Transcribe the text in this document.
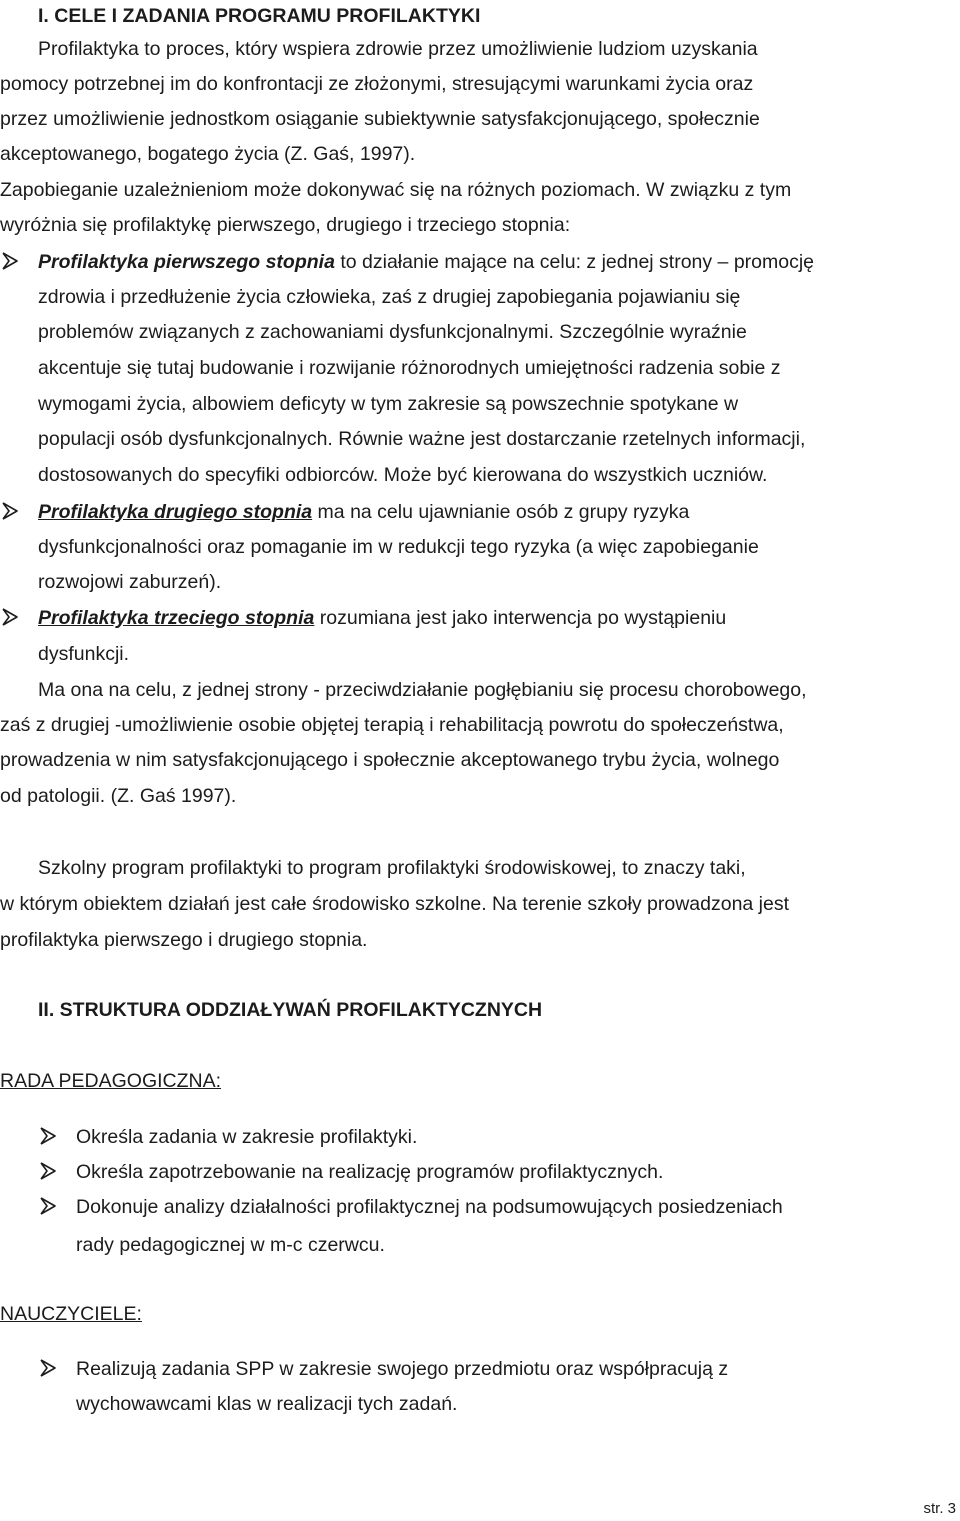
I. CELE I ZADANIA PROGRAMU PROFILAKTYKI
Profilaktyka to proces, który wspiera zdrowie przez umożliwienie ludziom uzyskania
pomocy potrzebnej im do konfrontacji ze złożonymi, stresującymi warunkami życia oraz
przez umożliwienie jednostkom osiąganie subiektywnie satysfakcjonującego, społecznie
akceptowanego, bogatego życia (Z. Gaś, 1997).
Zapobieganie uzależnieniom może dokonywać się na różnych poziomach. W związku z tym
wyróżnia się profilaktykę pierwszego, drugiego i trzeciego stopnia:
Profilaktyka pierwszego stopnia to działanie mające na celu: z jednej strony – promocję
zdrowia i przedłużenie życia człowieka, zaś z drugiej zapobiegania pojawianiu się
problemów związanych z zachowaniami dysfunkcjonalnymi. Szczególnie wyraźnie
akcentuje się tutaj budowanie i rozwijanie różnorodnych umiejętności radzenia sobie z
wymogami życia, albowiem deficyty w tym zakresie są powszechnie spotykane w
populacji osób dysfunkcjonalnych. Równie ważne jest dostarczanie rzetelnych informacji,
dostosowanych do specyfiki odbiorców. Może być kierowana do wszystkich uczniów.
Profilaktyka drugiego stopnia ma na celu ujawnianie osób z grupy ryzyka
dysfunkcjonalności oraz pomaganie im w redukcji tego ryzyka (a więc zapobieganie
rozwojowi zaburzeń).
Profilaktyka trzeciego stopnia rozumiana jest jako interwencja po wystąpieniu
dysfunkcji.
Ma ona na celu, z jednej strony - przeciwdziałanie pogłębianiu się procesu chorobowego,
zaś z drugiej -umożliwienie osobie objętej terapią i rehabilitacją powrotu do społeczeństwa,
prowadzenia w nim satysfakcjonującego i społecznie akceptowanego trybu życia, wolnego
od patologii. (Z. Gaś 1997).
Szkolny program profilaktyki to program profilaktyki środowiskowej, to znaczy taki,
w którym obiektem działań jest całe środowisko szkolne. Na terenie szkoły prowadzona jest
profilaktyka pierwszego i drugiego stopnia.
II. STRUKTURA ODDZIAŁYWAŃ PROFILAKTYCZNYCH
RADA PEDAGOGICZNA:
Określa zadania w zakresie profilaktyki.
Określa zapotrzebowanie na realizację programów profilaktycznych.
Dokonuje analizy działalności profilaktycznej na podsumowujących posiedzeniach
rady pedagogicznej w m-c czerwcu.
NAUCZYCIELE:
Realizują zadania SPP w zakresie swojego przedmiotu oraz współpracują z
wychowawcami klas w realizacji tych zadań.
str. 3
